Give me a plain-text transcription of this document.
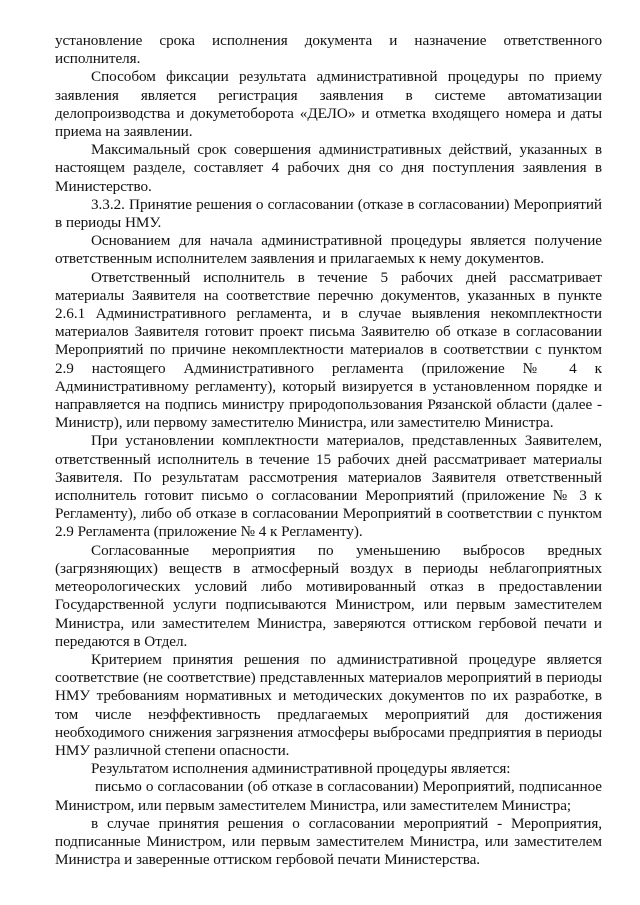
установление срока исполнения документа и назначение ответственного исполнителя.

Способом фиксации результата административной процедуры по приему заявления является регистрация заявления в системе автоматизации делопроизводства и докуметоборота «ДЕЛО» и отметка входящего номера и даты приема на заявлении.

Максимальный срок совершения административных действий, указанных в настоящем разделе, составляет 4 рабочих дня со дня поступления заявления в Министерство.

3.3.2. Принятие решения о согласовании (отказе в согласовании) Мероприятий в периоды НМУ.

Основанием для начала административной процедуры является получение ответственным исполнителем заявления и прилагаемых к нему документов.

Ответственный исполнитель в течение 5 рабочих дней рассматривает материалы Заявителя на соответствие перечню документов, указанных в пункте 2.6.1 Административного регламента, и в случае выявления некомплектности материалов Заявителя готовит проект письма Заявителю об отказе в согласовании Мероприятий по причине некомплектности материалов в соответствии с пунктом 2.9 настоящего Административного регламента (приложение № 4 к Административному регламенту), который визируется в установленном порядке и направляется на подпись министру природопользования Рязанской области (далее - Министр), или первому заместителю Министра, или заместителю Министра.

При установлении комплектности материалов, представленных Заявителем, ответственный исполнитель в течение 15 рабочих дней рассматривает материалы Заявителя. По результатам рассмотрения материалов Заявителя ответственный исполнитель готовит письмо о согласовании Мероприятий (приложение № 3 к Регламенту), либо об отказе в согласовании Мероприятий в соответствии с пунктом 2.9 Регламента (приложение № 4 к Регламенту).

Согласованные мероприятия по уменьшению выбросов вредных (загрязняющих) веществ в атмосферный воздух в периоды неблагоприятных метеорологических условий либо мотивированный отказ в предоставлении Государственной услуги подписываются Министром, или первым заместителем Министра, или заместителем Министра, заверяются оттиском гербовой печати и передаются в Отдел.

Критерием принятия решения по административной процедуре является соответствие (не соответствие) представленных материалов мероприятий в периоды НМУ требованиям нормативных и методических документов по их разработке, в том числе неэффективность предлагаемых мероприятий для достижения необходимого снижения загрязнения атмосферы выбросами предприятия в периоды НМУ различной степени опасности.

Результатом исполнения административной процедуры является:

письмо о согласовании (об отказе в согласовании) Мероприятий, подписанное Министром, или первым заместителем Министра, или заместителем Министра;

в случае принятия решения о согласовании мероприятий - Мероприятия, подписанные Министром, или первым заместителем Министра, или заместителем Министра и заверенные оттиском гербовой печати Министерства.
